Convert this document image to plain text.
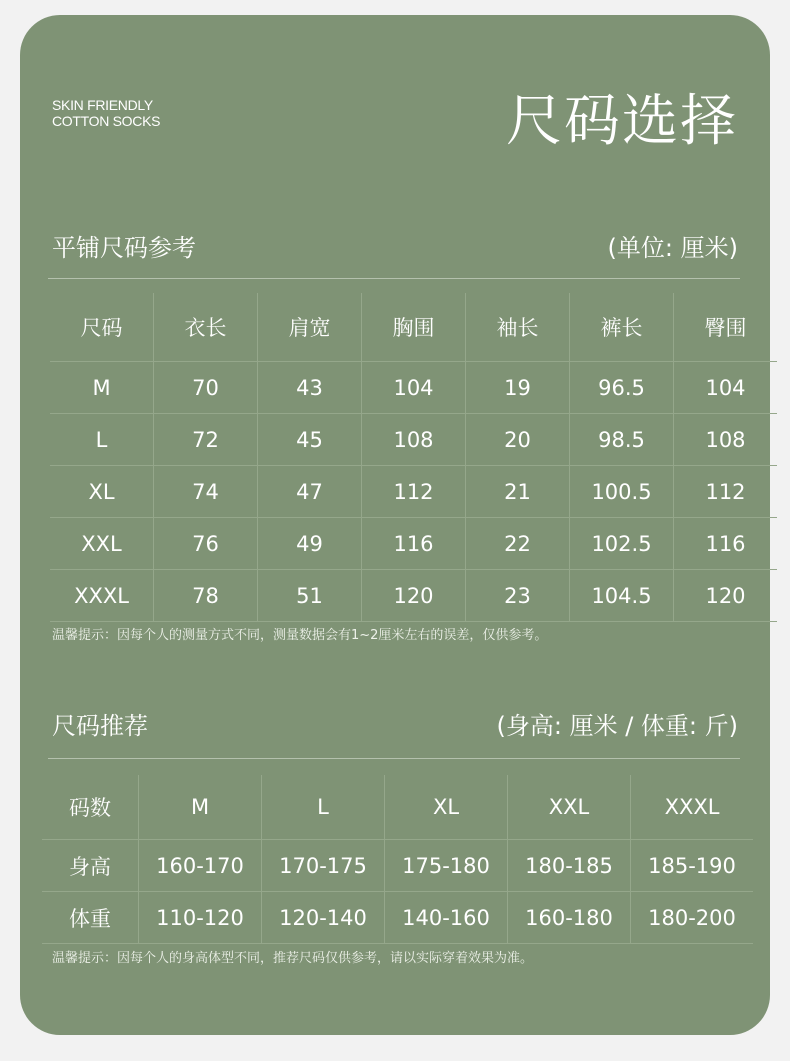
SKIN FRIENDLY
COTTON SOCKS	尺码选择
平铺尺码参考	(单位: 厘米)
尺码	衣长	肩宽	胸围	袖长	裤长	臀围
M	70	43	104	19	96.5	104
L	72	45	108	20	98.5	108
XL	74	47	112	21	100.5	112
XXL	76	49	116	22	102.5	116
XXXL	78	51	120	23	104.5	120
温馨提示：因每个人的测量方式不同，测量数据会有1~2厘米左右的误差，仅供参考。
尺码推荐	(身高: 厘米 / 体重: 斤)
码数	M	L	XL	XXL	XXXL
身高	160-170	170-175	175-180	180-185	185-190
体重	110-120	120-140	140-160	160-180	180-200
温馨提示：因每个人的身高体型不同，推荐尺码仅供参考，请以实际穿着效果为准。
